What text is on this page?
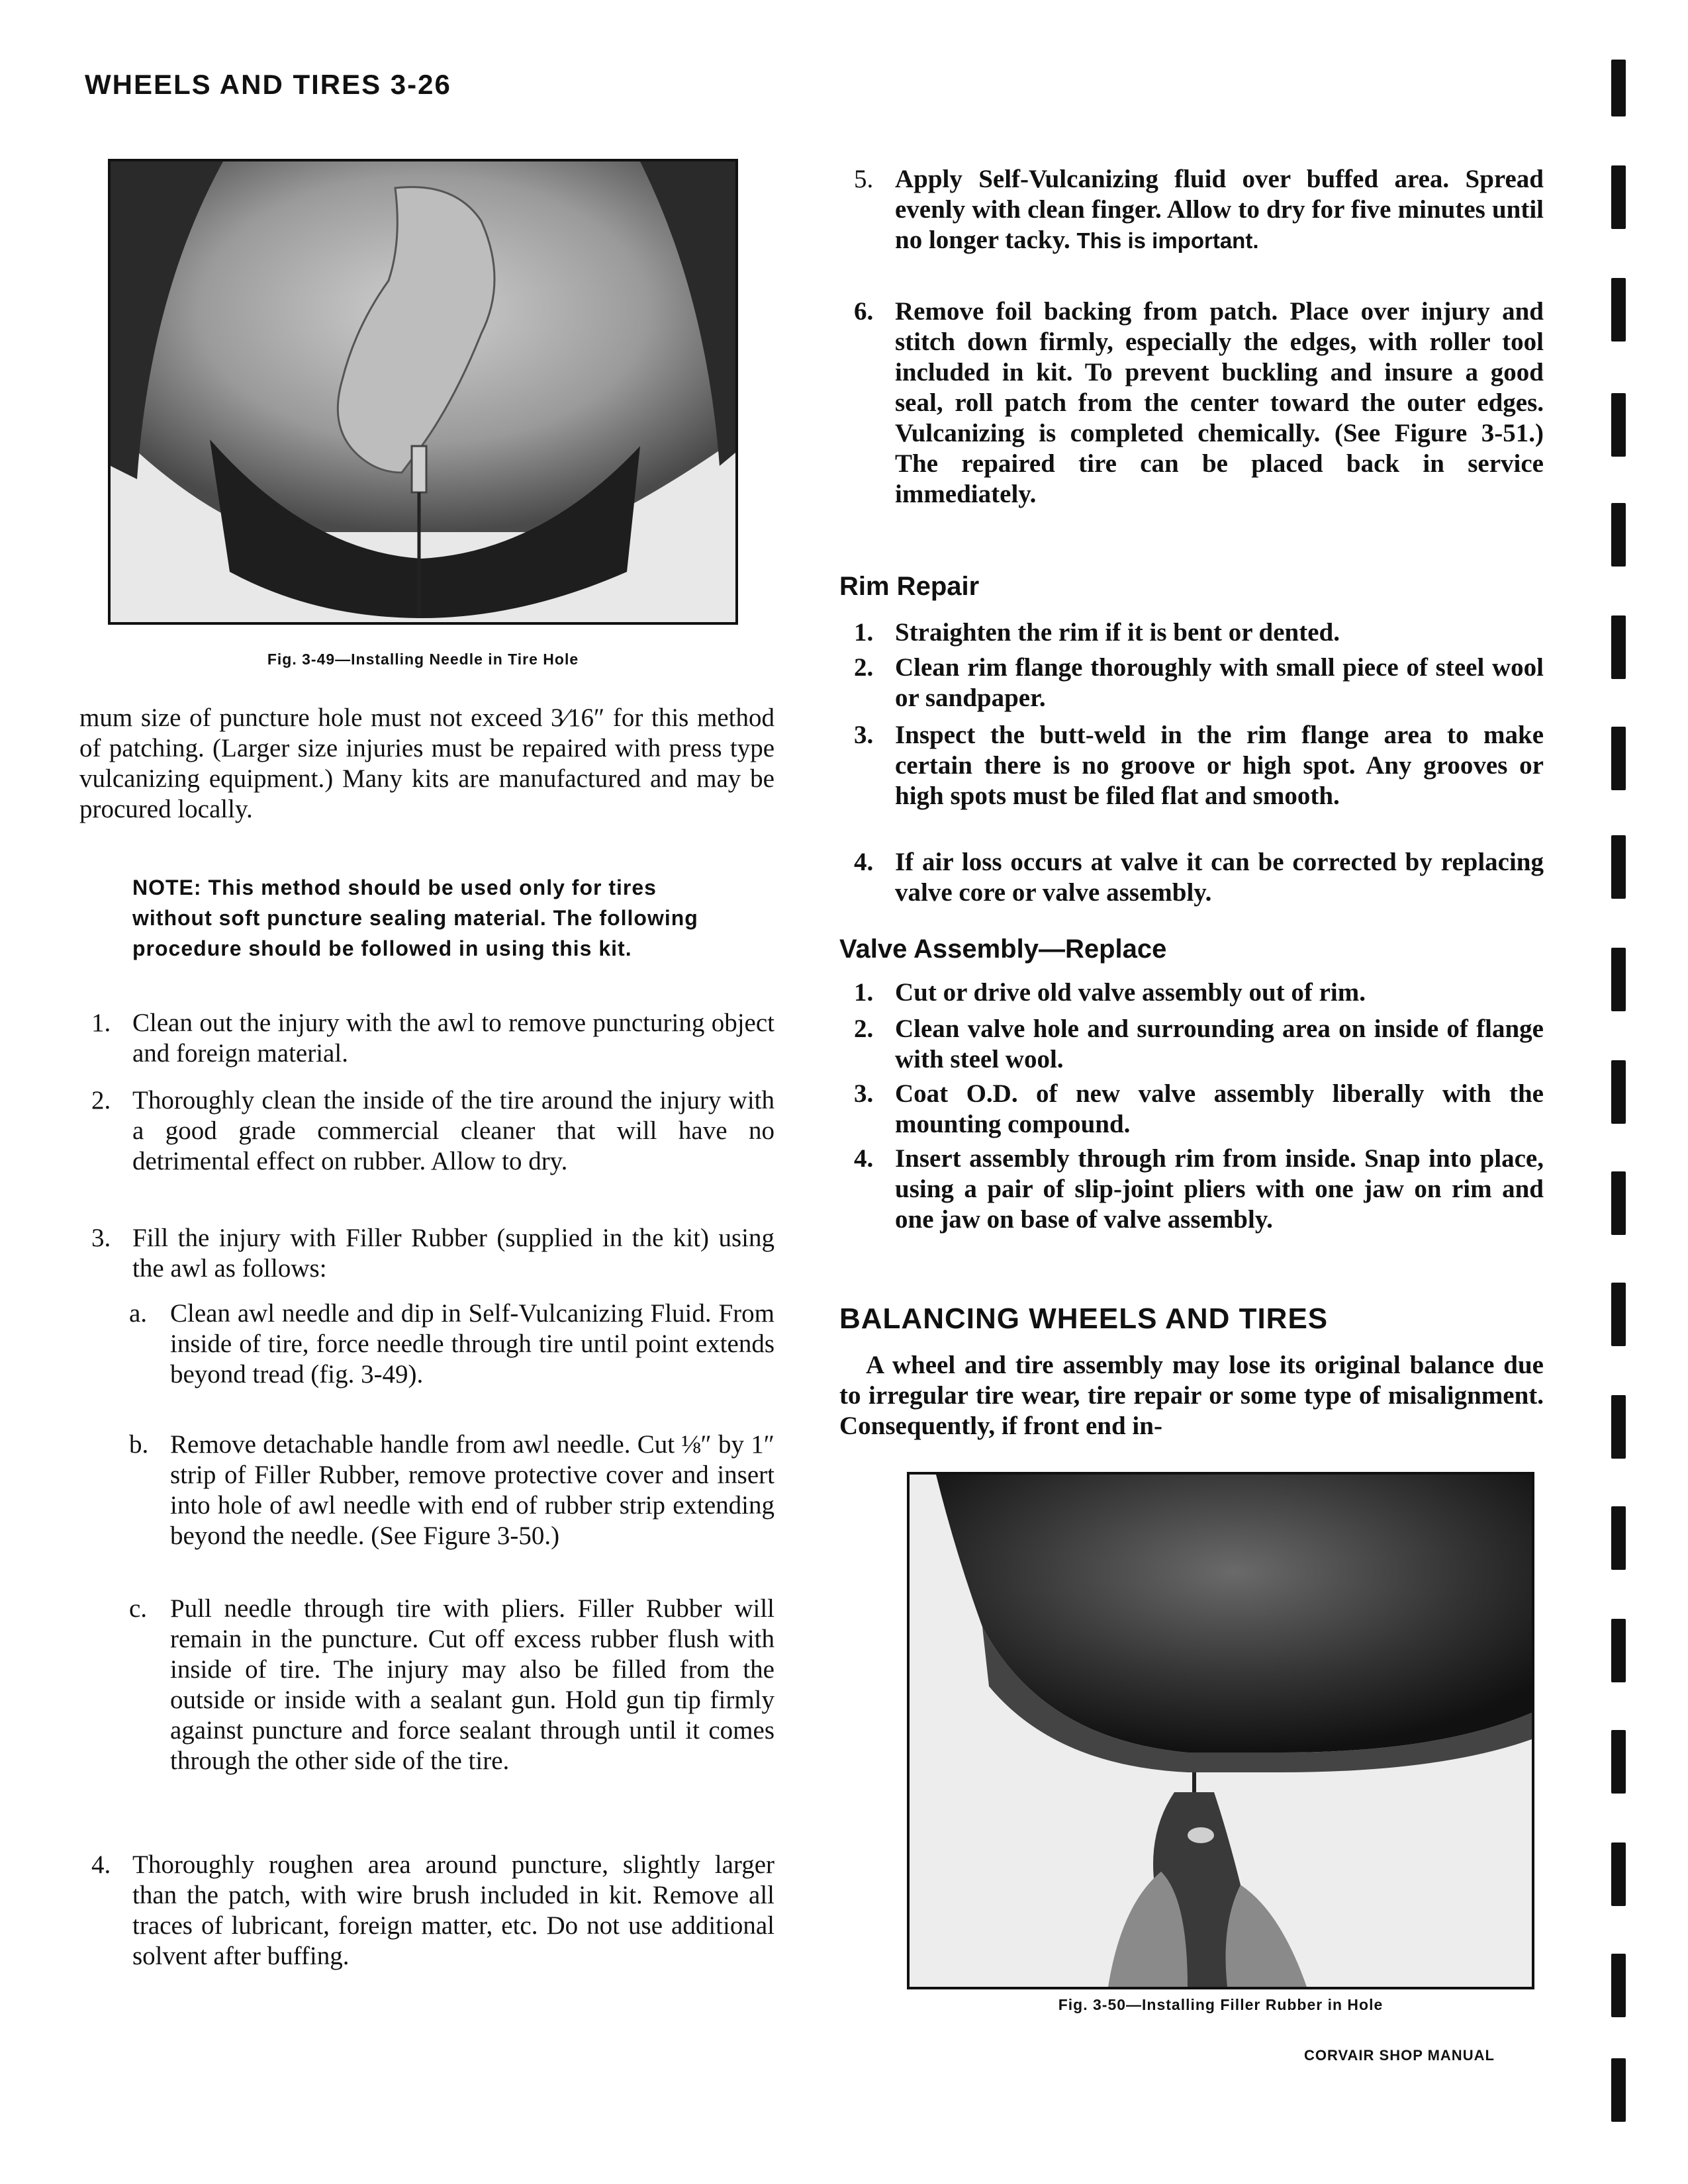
WHEELS AND TIRES 3-26
Fig. 3-49—Installing Needle in Tire Hole
mum size of puncture hole must not exceed 3⁄16″ for this method of patching. (Larger size injuries must be repaired with press type vulcanizing equipment.) Many kits are manufactured and may be procured locally.
NOTE: This method should be used only for tires without soft puncture sealing material. The following procedure should be followed in using this kit.
1. Clean out the injury with the awl to remove puncturing object and foreign material.
2. Thoroughly clean the inside of the tire around the injury with a good grade commercial cleaner that will have no detrimental effect on rubber. Allow to dry.
3. Fill the injury with Filler Rubber (supplied in the kit) using the awl as follows:
a. Clean awl needle and dip in Self-Vulcanizing Fluid. From inside of tire, force needle through tire until point extends beyond tread (fig. 3-49).
b. Remove detachable handle from awl needle. Cut ⅛″ by 1″ strip of Filler Rubber, remove protective cover and insert into hole of awl needle with end of rubber strip extending beyond the needle. (See Figure 3-50.)
c. Pull needle through tire with pliers. Filler Rubber will remain in the puncture. Cut off excess rubber flush with inside of tire. The injury may also be filled from the outside or inside with a sealant gun. Hold gun tip firmly against puncture and force sealant through until it comes through the other side of the tire.
4. Thoroughly roughen area around puncture, slightly larger than the patch, with wire brush included in kit. Remove all traces of lubricant, foreign matter, etc. Do not use additional solvent after buffing.
5. Apply Self-Vulcanizing fluid over buffed area. Spread evenly with clean finger. Allow to dry for five minutes until no longer tacky. This is important.
6. Remove foil backing from patch. Place over injury and stitch down firmly, especially the edges, with roller tool included in kit. To prevent buckling and insure a good seal, roll patch from the center toward the outer edges. Vulcanizing is completed chemically. (See Figure 3-51.) The repaired tire can be placed back in service immediately.
Rim Repair
1. Straighten the rim if it is bent or dented.
2. Clean rim flange thoroughly with small piece of steel wool or sandpaper.
3. Inspect the butt-weld in the rim flange area to make certain there is no groove or high spot. Any grooves or high spots must be filed flat and smooth.
4. If air loss occurs at valve it can be corrected by replacing valve core or valve assembly.
Valve Assembly—Replace
1. Cut or drive old valve assembly out of rim.
2. Clean valve hole and surrounding area on inside of flange with steel wool.
3. Coat O.D. of new valve assembly liberally with the mounting compound.
4. Insert assembly through rim from inside. Snap into place, using a pair of slip-joint pliers with one jaw on rim and one jaw on base of valve assembly.
BALANCING WHEELS AND TIRES
A wheel and tire assembly may lose its original balance due to irregular tire wear, tire repair or some type of misalignment. Consequently, if front end in-
Fig. 3-50—Installing Filler Rubber in Hole
CORVAIR SHOP MANUAL
